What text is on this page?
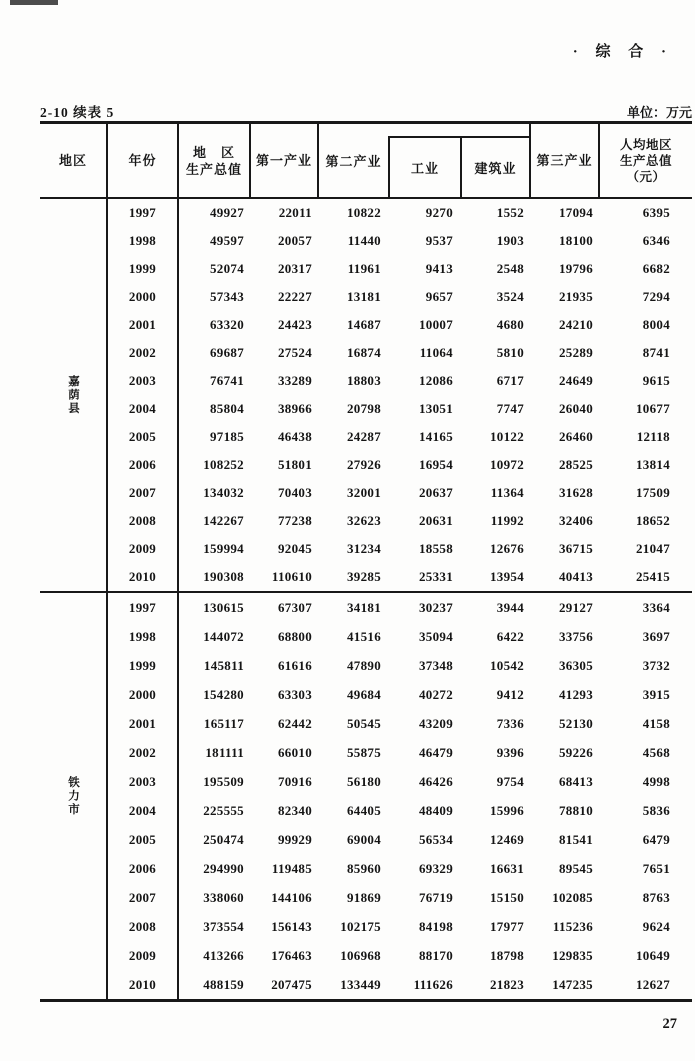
· 综 合 ·
2-10 续表 5	单位：万元
地区	年份
地　区
生产总值
第一产业	第二产业	工业	建筑业
第三产业
人均地区
生产总值
（元）
嘉荫县
1997	49927	22011	10822	9270	1552	17094	6395
1998	49597	20057	11440	9537	1903	18100	6346
1999	52074	20317	11961	9413	2548	19796	6682
2000	57343	22227	13181	9657	3524	21935	7294
2001	63320	24423	14687	10007	4680	24210	8004
2002	69687	27524	16874	11064	5810	25289	8741
2003	76741	33289	18803	12086	6717	24649	9615
2004	85804	38966	20798	13051	7747	26040	10677
2005	97185	46438	24287	14165	10122	26460	12118
2006	108252	51801	27926	16954	10972	28525	13814
2007	134032	70403	32001	20637	11364	31628	17509
2008	142267	77238	32623	20631	11992	32406	18652
2009	159994	92045	31234	18558	12676	36715	21047
2010	190308	110610	39285	25331	13954	40413	25415
铁力市
1997	130615	67307	34181	30237	3944	29127	3364
1998	144072	68800	41516	35094	6422	33756	3697
1999	145811	61616	47890	37348	10542	36305	3732
2000	154280	63303	49684	40272	9412	41293	3915
2001	165117	62442	50545	43209	7336	52130	4158
2002	181111	66010	55875	46479	9396	59226	4568
2003	195509	70916	56180	46426	9754	68413	4998
2004	225555	82340	64405	48409	15996	78810	5836
2005	250474	99929	69004	56534	12469	81541	6479
2006	294990	119485	85960	69329	16631	89545	7651
2007	338060	144106	91869	76719	15150	102085	8763
2008	373554	156143	102175	84198	17977	115236	9624
2009	413266	176463	106968	88170	18798	129835	10649
2010	488159	207475	133449	111626	21823	147235	12627
27
